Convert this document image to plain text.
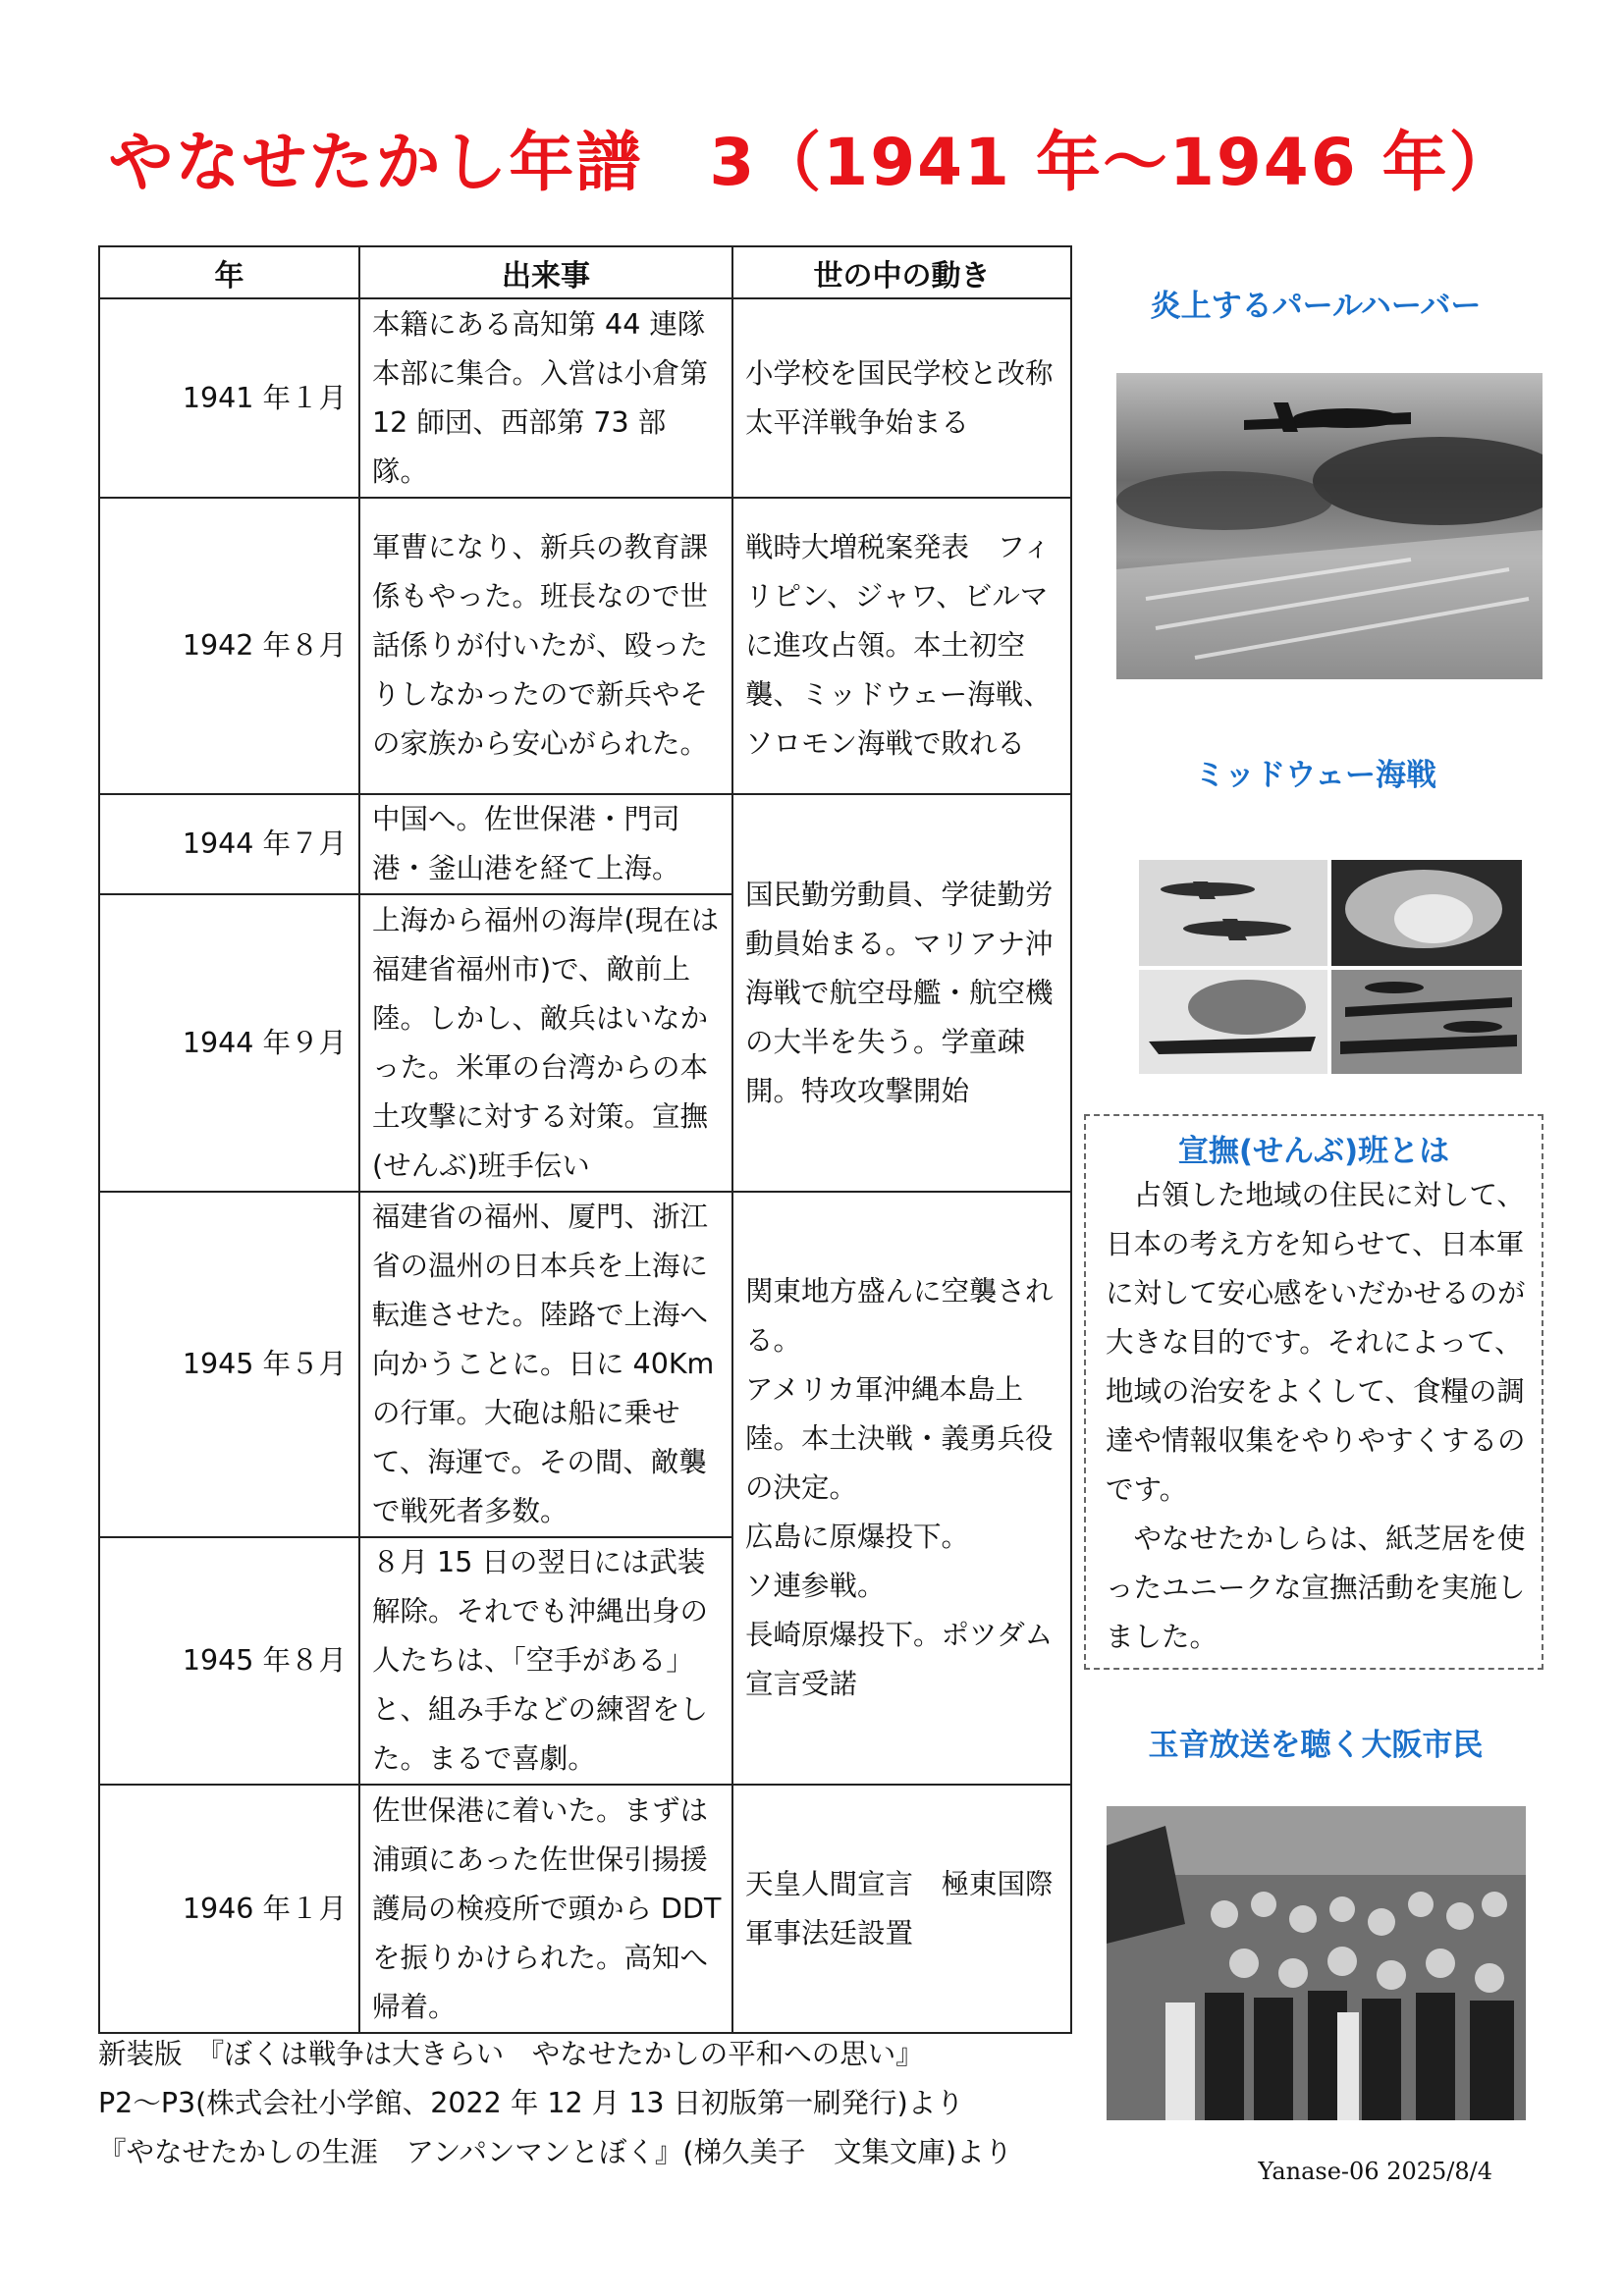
やなせたかし年譜　3（1941 年～1946 年）
年	出来事	世の中の動き
1941 年１月	本籍にある高知第 44 連隊本部に集合。入営は小倉第 12 師団、西部第 73 部隊。	小学校を国民学校と改称　太平洋戦争始まる
1942 年８月	軍曹になり、新兵の教育課係もやった。班長なので世話係りが付いたが、殴ったりしなかったので新兵やその家族から安心がられた。	戦時大増税案発表　フィリピン、ジャワ、ビルマに進攻占領。本土初空襲、ミッドウェー海戦、ソロモン海戦で敗れる
1944 年７月	中国へ。佐世保港・門司港・釜山港を経て上海。	国民勤労動員、学徒勤労動員始まる。マリアナ沖海戦で航空母艦・航空機の大半を失う。学童疎開。特攻攻撃開始
1944 年９月	上海から福州の海岸(現在は福建省福州市)で、敵前上陸。しかし、敵兵はいなかった。米軍の台湾からの本土攻撃に対する対策。宣撫(せんぶ)班手伝い	
1945 年５月	福建省の福州、厦門、浙江省の温州の日本兵を上海に転進させた。陸路で上海へ向かうことに。日に 40Km の行軍。大砲は船に乗せて、海運で。その間、敵襲で戦死者多数。	関東地方盛んに空襲される。
アメリカ軍沖縄本島上陸。本土決戦・義勇兵役の決定。
広島に原爆投下。
ソ連参戦。
長崎原爆投下。ポツダム宣言受諾
1945 年８月	８月 15 日の翌日には武装解除。それでも沖縄出身の人たちは、「空手がある」と、組み手などの練習をした。まるで喜劇。	
1946 年１月	佐世保港に着いた。まずは浦頭にあった佐世保引揚援護局の検疫所で頭から DDT を振りかけられた。高知へ帰着。	天皇人間宣言　極東国際軍事法廷設置
炎上するパールハーバー
ミッドウェー海戦
宣撫(せんぶ)班とは

占領した地域の住民に対して、日本の考え方を知らせて、日本軍に対して安心感をいだかせるのが大きな目的です。それによって、地域の治安をよくして、食糧の調達や情報収集をやりやすくするのです。

やなせたかしらは、紙芝居を使ったユニークな宣撫活動を実施しました。

玉音放送を聴く大阪市民
新装版　『ぼくは戦争は大きらい　やなせたかしの平和への思い』
P2～P3(株式会社小学館、2022 年 12 月 13 日初版第一刷発行)より
『やなせたかしの生涯　アンパンマンとぼく』(梯久美子　文集文庫)より
Yanase-06 2025/8/4
